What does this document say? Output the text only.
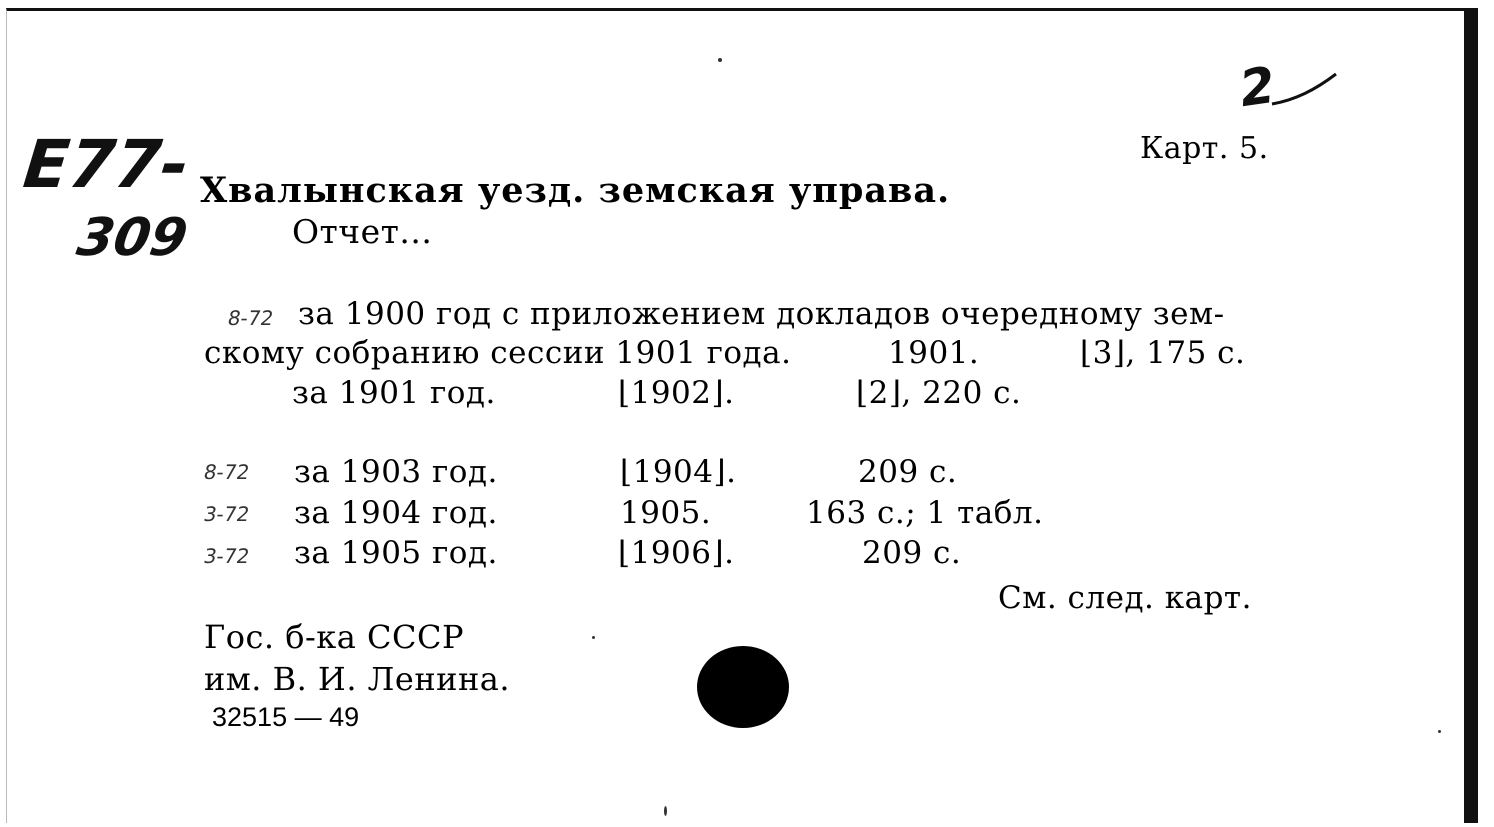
2
E77-
309
Карт. 5.
Хвалынская уезд. земская управа.
Отчет...
8-72 за 1900 год с приложением докладов очередному зем-
скому собранию сессии 1901 года.	1901.	⌊3⌋, 175 с.
за 1901 год.	⌊1902⌋.	⌊2⌋, 220 с.
8-72 за 1903 год.	⌊1904⌋.	209 с.
3-72 за 1904 год.	1905.	163 с.; 1 табл.
3-72 за 1905 год.	⌊1906⌋.	209 с.
См. след. карт.
Гос. б-ка СССР
им. В. И. Ленина.
32515 — 49
